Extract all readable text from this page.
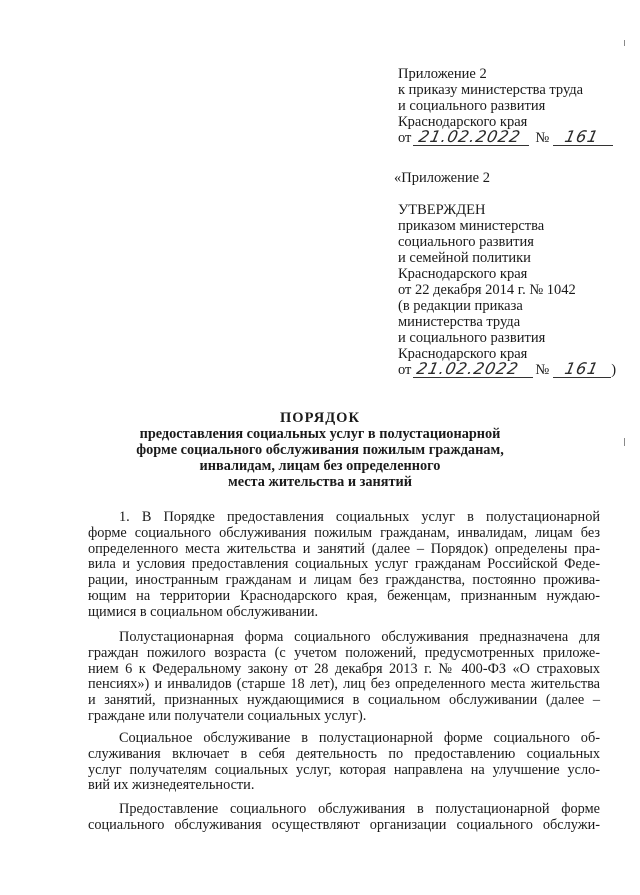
Приложение 2
к приказу министерства труда
и социального развития
Краснодарского края
от 21.02.2022 № 161
«Приложение 2
УТВЕРЖДЕН
приказом министерства
социального развития
и семейной политики
Краснодарского края
от 22 декабря 2014 г. № 1042
(в редакции приказа
министерства труда
и социального развития
Краснодарского края
от 21.02.2022 № 161 )
ПОРЯДОК
предоставления социальных услуг в полустационарной
форме социального обслуживания пожилым гражданам,
инвалидам, лицам без определенного
места жительства и занятий
1. В Порядке предоставления социальных услуг в полустационарной
форме социального обслуживания пожилым гражданам, инвалидам, лицам без
определенного места жительства и занятий (далее – Порядок) определены пра-
вила и условия предоставления социальных услуг гражданам Российской Феде-
рации, иностранным гражданам и лицам без гражданства, постоянно прожива-
ющим на территории Краснодарского края, беженцам, признанным нуждаю-
щимися в социальном обслуживании.
Полустационарная форма социального обслуживания предназначена для
граждан пожилого возраста (с учетом положений, предусмотренных приложе-
нием 6 к Федеральному закону от 28 декабря 2013 г. № 400-ФЗ «О страховых
пенсиях») и инвалидов (старше 18 лет), лиц без определенного места жительства
и занятий, признанных нуждающимися в социальном обслуживании (далее –
граждане или получатели социальных услуг).
Социальное обслуживание в полустационарной форме социального об-
служивания включает в себя деятельность по предоставлению социальных
услуг получателям социальных услуг, которая направлена на улучшение усло-
вий их жизнедеятельности.
Предоставление социального обслуживания в полустационарной форме
социального обслуживания осуществляют организации социального обслужи-
